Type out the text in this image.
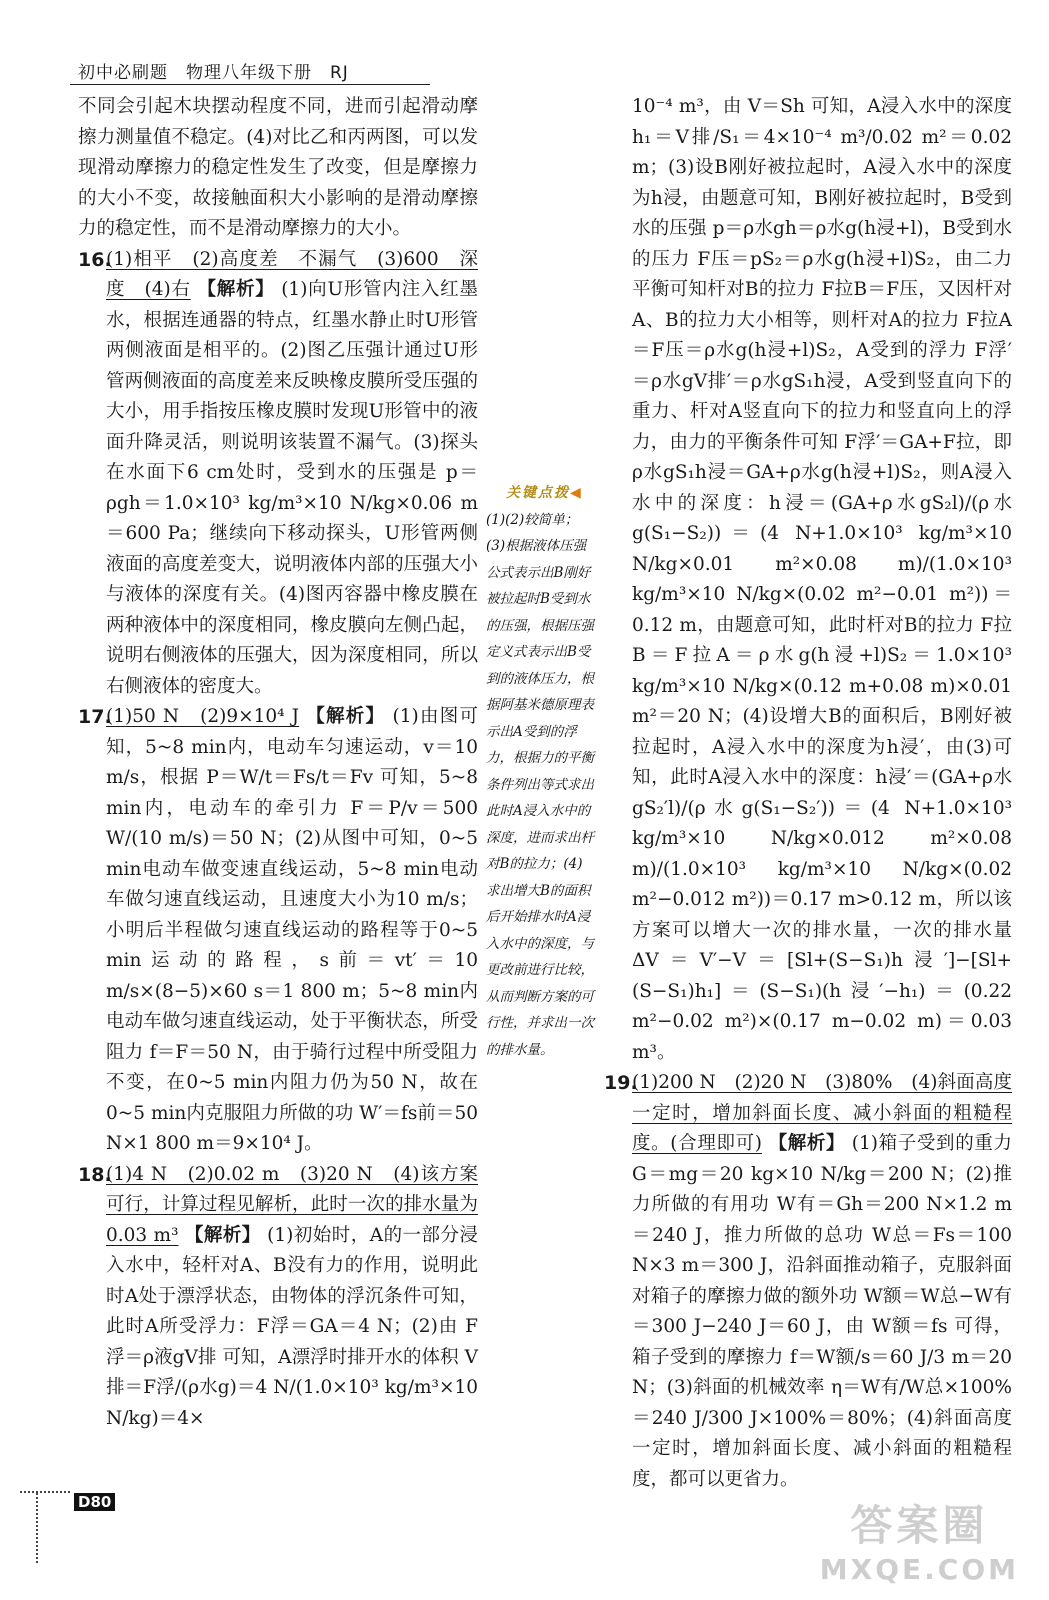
初中必刷题　物理八年级下册　RJ

不同会引起木块摆动程度不同，进而引起滑动摩擦力测量值不稳定。(4)对比乙和丙两图，可以发现滑动摩擦力的稳定性发生了改变，但是摩擦力的大小不变，故接触面积大小影响的是滑动摩擦力的稳定性，而不是滑动摩擦力的大小。

16.

(1)相平　(2)高度差　不漏气　(3)600　深度　(4)右 【解析】 (1)向U形管内注入红墨水，根据连通器的特点，红墨水静止时U形管两侧液面是相平的。(2)图乙压强计通过U形管两侧液面的高度差来反映橡皮膜所受压强的大小，用手指按压橡皮膜时发现U形管中的液面升降灵活，则说明该装置不漏气。(3)探头在水面下6 cm处时，受到水的压强是 p＝ρgh＝1.0×10³ kg/m³×10 N/kg×0.06 m＝600 Pa；继续向下移动探头，U形管两侧液面的高度差变大，说明液体内部的压强大小与液体的深度有关。(4)图丙容器中橡皮膜在两种液体中的深度相同，橡皮膜向左侧凸起，说明右侧液体的压强大，因为深度相同，所以右侧液体的密度大。

17.

(1)50 N　(2)9×10⁴ J 【解析】 (1)由图可知，5~8 min内，电动车匀速运动，v＝10 m/s，根据 P＝W/t＝Fs/t＝Fv 可知，5~8 min内，电动车的牵引力 F＝P/v＝500 W/(10 m/s)＝50 N；(2)从图中可知，0~5 min电动车做变速直线运动，5~8 min电动车做匀速直线运动，且速度大小为10 m/s；小明后半程做匀速直线运动的路程等于0~5 min运动的路程，s前＝vt′＝10 m/s×(8−5)×60 s＝1 800 m；5~8 min内电动车做匀速直线运动，处于平衡状态，所受阻力 f＝F＝50 N，由于骑行过程中所受阻力不变，在0~5 min内阻力仍为50 N，故在0~5 min内克服阻力所做的功 W′＝fs前＝50 N×1 800 m＝9×10⁴ J。

18.

(1)4 N　(2)0.02 m　(3)20 N　(4)该方案可行，计算过程见解析，此时一次的排水量为0.03 m³ 【解析】 (1)初始时，A的一部分浸入水中，轻杆对A、B没有力的作用，说明此时A处于漂浮状态，由物体的浮沉条件可知，此时A所受浮力：F浮＝GA＝4 N；(2)由 F浮＝ρ液gV排 可知，A漂浮时排开水的体积 V排＝F浮/(ρ水g)＝4 N/(1.0×10³ kg/m³×10 N/kg)＝4×

关键点拨◀
(1)(2)较简单；(3)根据液体压强公式表示出B刚好被拉起时B受到水的压强，根据压强定义式表示出B受到的液体压力，根据阿基米德原理表示出A受到的浮力，根据力的平衡条件列出等式求出此时A浸入水中的深度，进而求出杆对B的拉力；(4)求出增大B的面积后开始排水时A浸入水中的深度，与更改前进行比较，从而判断方案的可行性，并求出一次的排水量。

10⁻⁴ m³，由 V＝Sh 可知，A浸入水中的深度 h₁＝V排/S₁＝4×10⁻⁴ m³/0.02 m²＝0.02 m；(3)设B刚好被拉起时，A浸入水中的深度为h浸，由题意可知，B刚好被拉起时，B受到水的压强 p＝ρ水gh＝ρ水g(h浸+l)，B受到水的压力 F压＝pS₂＝ρ水g(h浸+l)S₂，由二力平衡可知杆对B的拉力 F拉B＝F压，又因杆对A、B的拉力大小相等，则杆对A的拉力 F拉A＝F压＝ρ水g(h浸+l)S₂，A受到的浮力 F浮′＝ρ水gV排′＝ρ水gS₁h浸，A受到竖直向下的重力、杆对A竖直向下的拉力和竖直向上的浮力，由力的平衡条件可知 F浮′＝GA+F拉，即 ρ水gS₁h浸＝GA+ρ水g(h浸+l)S₂，则A浸入水中的深度：h浸＝(GA+ρ水gS₂l)/(ρ水g(S₁−S₂))＝(4 N+1.0×10³ kg/m³×10 N/kg×0.01 m²×0.08 m)/(1.0×10³ kg/m³×10 N/kg×(0.02 m²−0.01 m²))＝0.12 m，由题意可知，此时杆对B的拉力 F拉B＝F拉A＝ρ水g(h浸+l)S₂＝1.0×10³ kg/m³×10 N/kg×(0.12 m+0.08 m)×0.01 m²＝20 N；(4)设增大B的面积后，B刚好被拉起时，A浸入水中的深度为h浸′，由(3)可知，此时A浸入水中的深度：h浸′＝(GA+ρ水gS₂′l)/(ρ水g(S₁−S₂′))＝(4 N+1.0×10³ kg/m³×10 N/kg×0.012 m²×0.08 m)/(1.0×10³ kg/m³×10 N/kg×(0.02 m²−0.012 m²))＝0.17 m>0.12 m，所以该方案可以增大一次的排水量，一次的排水量 ΔV＝V′−V＝[Sl+(S−S₁)h浸′]−[Sl+(S−S₁)h₁]＝(S−S₁)(h浸′−h₁)＝(0.22 m²−0.02 m²)×(0.17 m−0.02 m)＝0.03 m³。

19.

(1)200 N　(2)20 N　(3)80%　(4)斜面高度一定时，增加斜面长度、减小斜面的粗糙程度。(合理即可) 【解析】 (1)箱子受到的重力 G＝mg＝20 kg×10 N/kg＝200 N；(2)推力所做的有用功 W有＝Gh＝200 N×1.2 m＝240 J，推力所做的总功 W总＝Fs＝100 N×3 m＝300 J，沿斜面推动箱子，克服斜面对箱子的摩擦力做的额外功 W额＝W总−W有＝300 J−240 J＝60 J，由 W额＝fs 可得，箱子受到的摩擦力 f＝W额/s＝60 J/3 m＝20 N；(3)斜面的机械效率 η＝W有/W总×100%＝240 J/300 J×100%＝80%；(4)斜面高度一定时，增加斜面长度、减小斜面的粗糙程度，都可以更省力。

D80	答案圈
MXQE.COM
